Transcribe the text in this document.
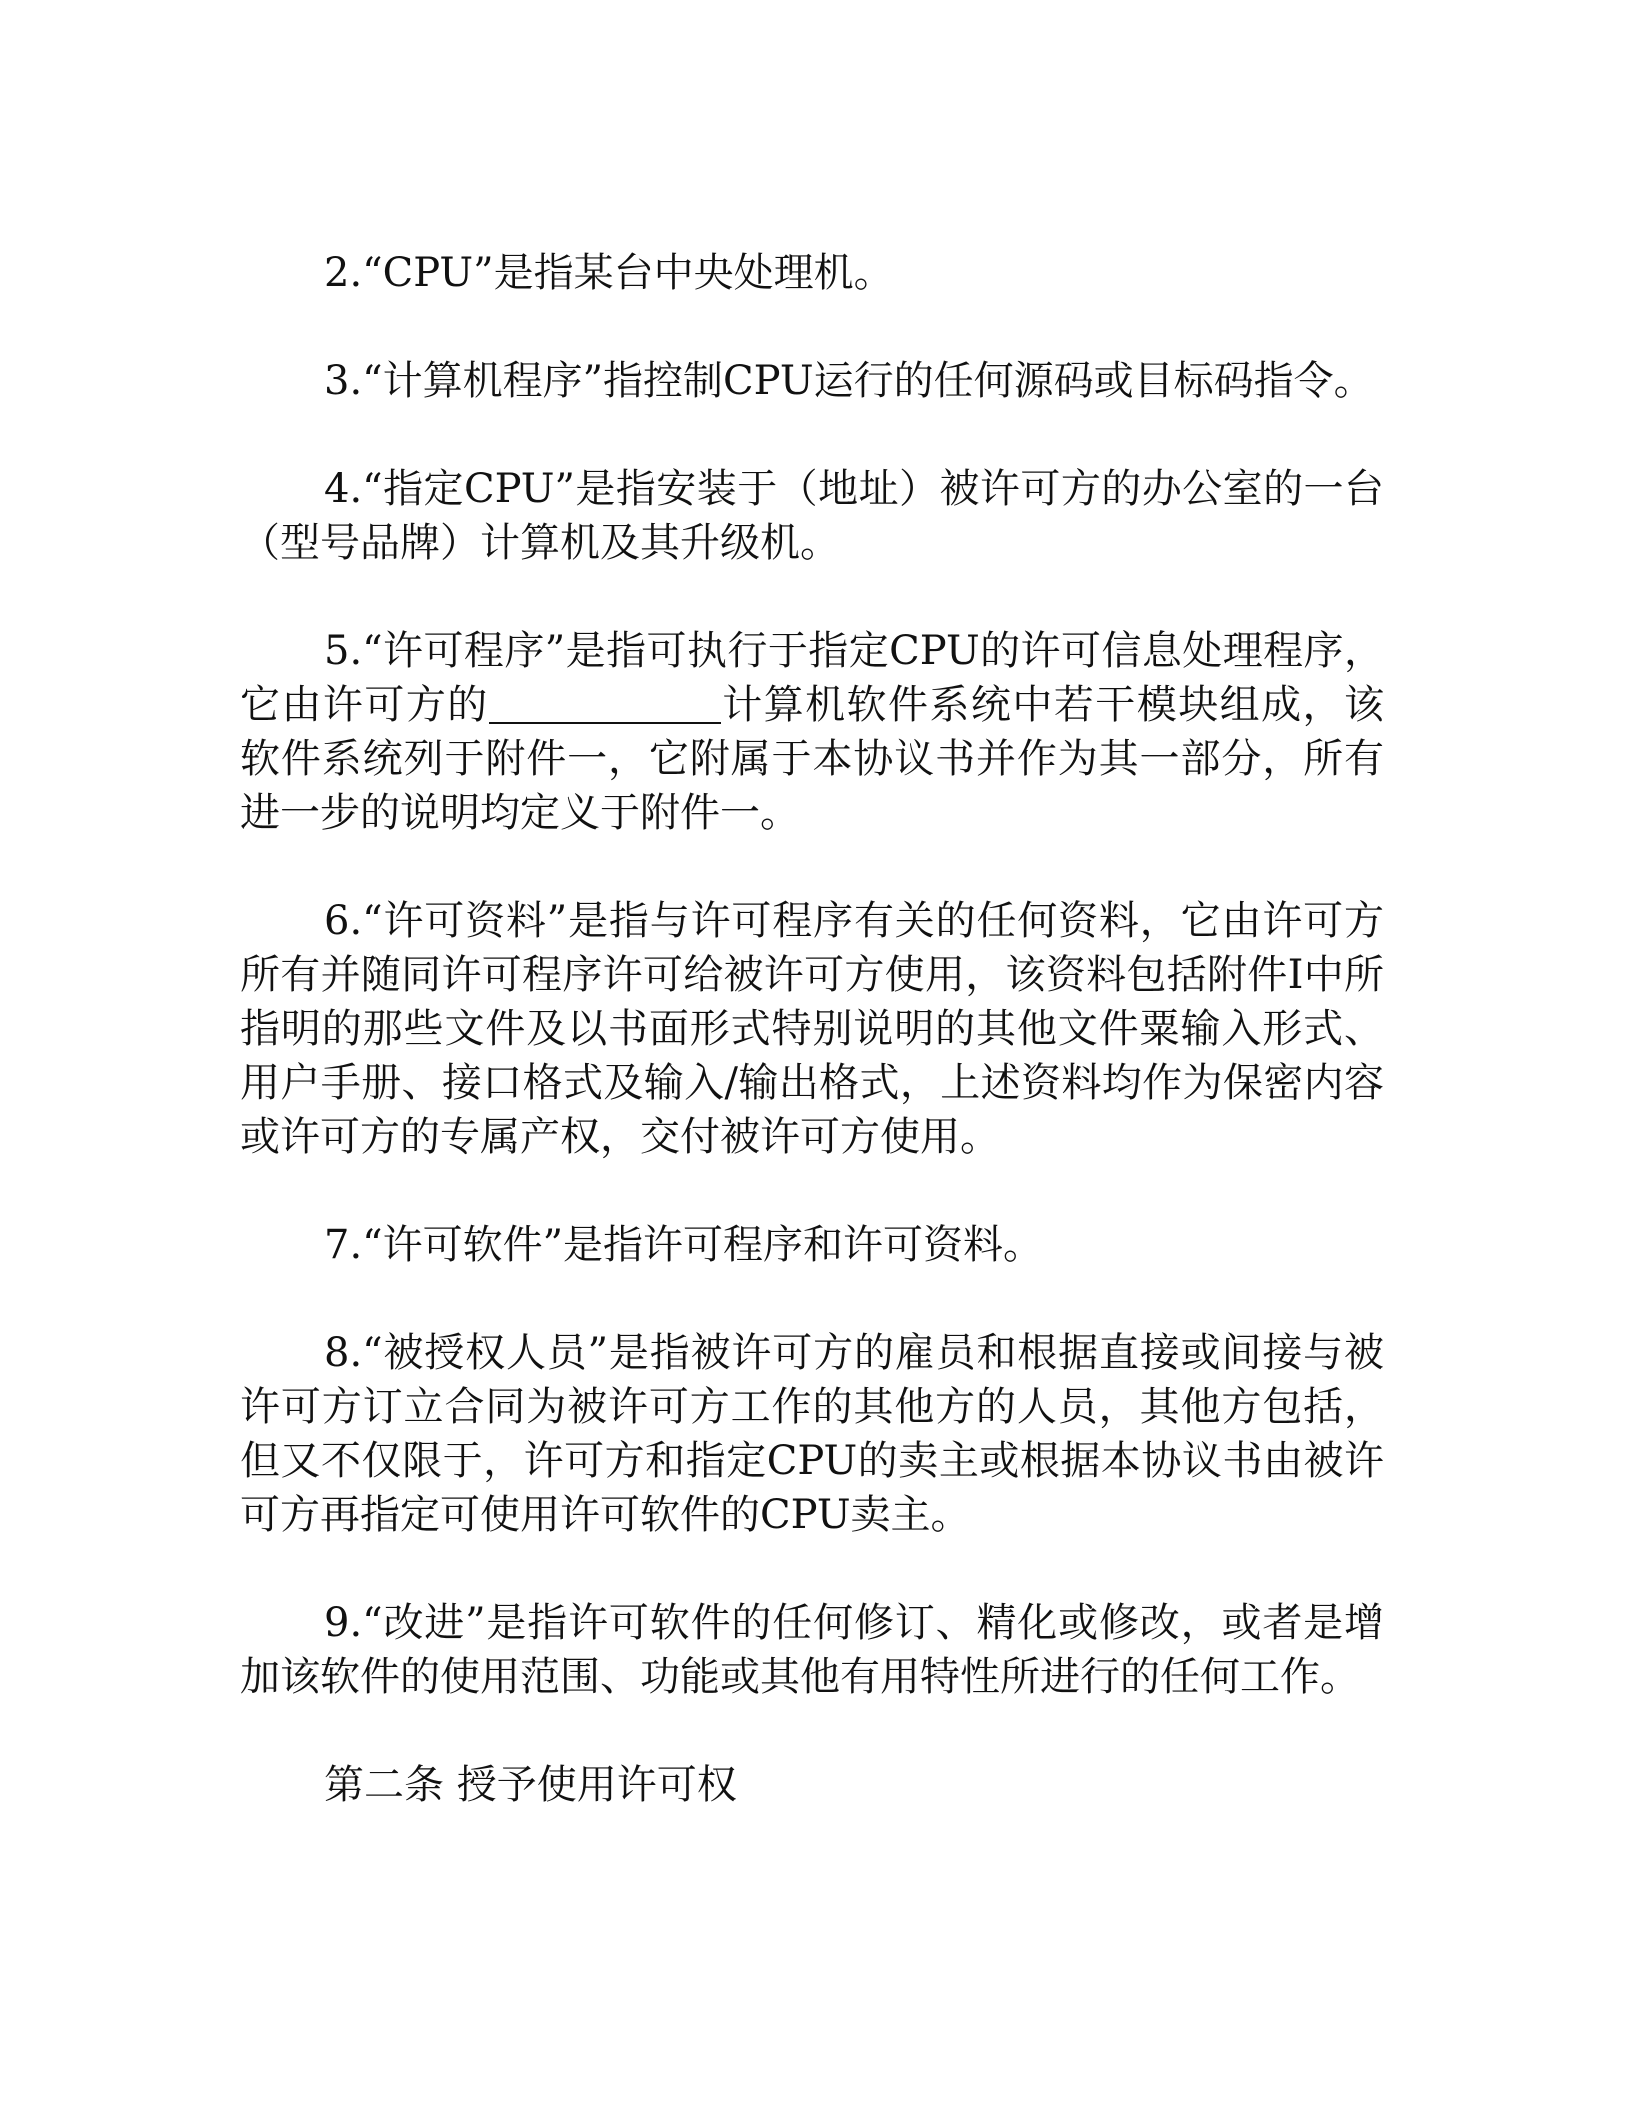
2.“CPU”是指某台中央处理机。

3.“计算机程序”指控制CPU运行的任何源码或目标码指令。

4.“指定CPU”是指安装于（地址）被许可方的办公室的一台（型号品牌）计算机及其升级机。

5.“许可程序”是指可执行于指定CPU的许可信息处理程序，它由许可方的	计算机软件系统中若干模块组成，该软件系统列于附件一，它附属于本协议书并作为其一部分，所有进一步的说明均定义于附件一。

6.“许可资料”是指与许可程序有关的任何资料，它由许可方所有并随同许可程序许可给被许可方使用，该资料包括附件I中所指明的那些文件及以书面形式特别说明的其他文件粟输入形式、用户手册、接口格式及输入/输出格式，上述资料均作为保密内容或许可方的专属产权，交付被许可方使用。

7.“许可软件”是指许可程序和许可资料。

8.“被授权人员”是指被许可方的雇员和根据直接或间接与被许可方订立合同为被许可方工作的其他方的人员，其他方包括，但又不仅限于，许可方和指定CPU的卖主或根据本协议书由被许可方再指定可使用许可软件的CPU卖主。

9.“改进”是指许可软件的任何修订、精化或修改，或者是增加该软件的使用范围、功能或其他有用特性所进行的任何工作。

第二条 授予使用许可权
